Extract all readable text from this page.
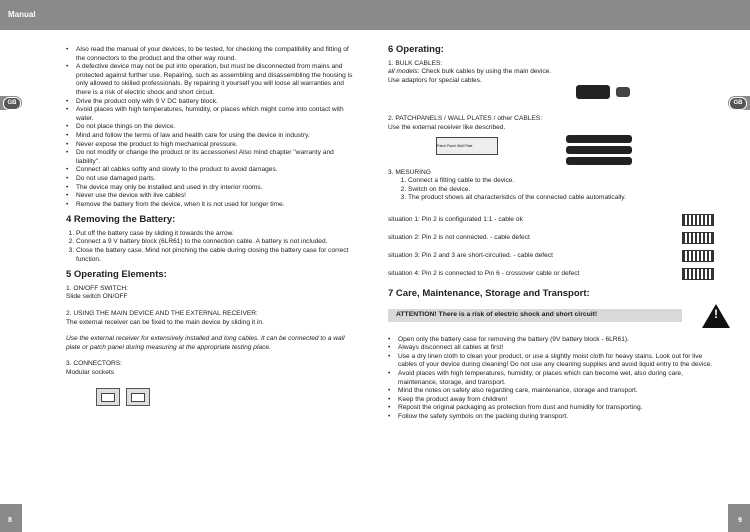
Manual
GB	GB
8	9
• Also read the manual of your devices, to be tested, for checking the compatibility and fitting of the connectors to the product and the other way round.
• A defective device may not be put into operation, but must be disconnected from mains and protected against further use. Repairing, such as assembling and disassembling the housing is only allowed to skilled professionals. By repairing it yourself you will loose all warranties and there is a risk of electric shock and short circuit.
• Drive the product only with 9 V DC battery block.
• Avoid places with high temperatures, humidity, or places which might come into contact with water.
• Do not place things on the device.
• Mind and follow the terms of law and health care for using the device in industry.
• Never expose the product to high mechanical pressure.
• Do not modify or change the product or its accessories! Also mind chapter "warranty and liability".
• Connect all cables softly and slowly to the product to avoid damages.
• Do not use damaged parts.
• The device may only be installed and used in dry interior rooms.
• Never use the device with live cables!
• Remove the battery from the device, when it is not used for longer time.
4 Removing the Battery:
1. Put off the battery case by sliding it towards the arrow.
2. Connect a 9 V battery block (6LR61) to the connection cable. A battery is not included.
3. Close the battery case. Mind not pinching the cable during closing the battery case for correct function.
5 Operating Elements:

1. ON/OFF SWITCH:

Slide switch ON/OFF

2. USING THE MAIN DEVICE AND THE EXTERNAL RECEIVER:

The external receiver can be fixed to the main device by sliding it in.

Use the external receiver for extensively installed and long cables. It can be connected to a wall plate or patch panel during measuring at the appropriate testing place.

3. CONNECTORS:

Modular sockets

6 Operating:

1. BULK CABLES:

all models: Check bulk cables by using the main device.

Use adaptors for special cables.

2. PATCHPANELS / WALL PLATES / other CABLES:

Use the external receiver like described.

Patch Panel Wall Plate

3. MESURING

1. Connect a fitting cable to the device.
2. Switch on the device.
3. The product shows all characteristics of the connected cable automatically.
situation 1: Pin 2 is configurated 1:1 - cable ok
situation 2: Pin 2 is not connected. - cable defect
situation 3: Pin 2 and 3 are short-circuited. - cable defect
situation 4: Pin 2 is connected to Pin 6 - crossover cable or defect
7 Care, Maintenance, Storage and Transport:
ATTENTION! There is a risk of electric shock and short circuit!
!
• Open only the battery case for removing the battery (9V battery block - 6LR61).
• Always disconnect all cables at first!
• Use a dry linen cloth to clean your product, or use a slightly moist cloth for heavy stains. Look out for live cables of your device during cleaning! Do not use any cleaning supplies and avoid liquid entry to the device.
• Avoid places with high temperatures, humidity, or places which can become wet, also during care, maintenance, storage, and transport.
• Mind the notes on safety also regarding care, maintenance, storage and transport.
• Keep the product away from children!
• Reposit the original packaging as protection from dust and humidity for transporting.
• Follow the safety symbols on the packing during transport.
